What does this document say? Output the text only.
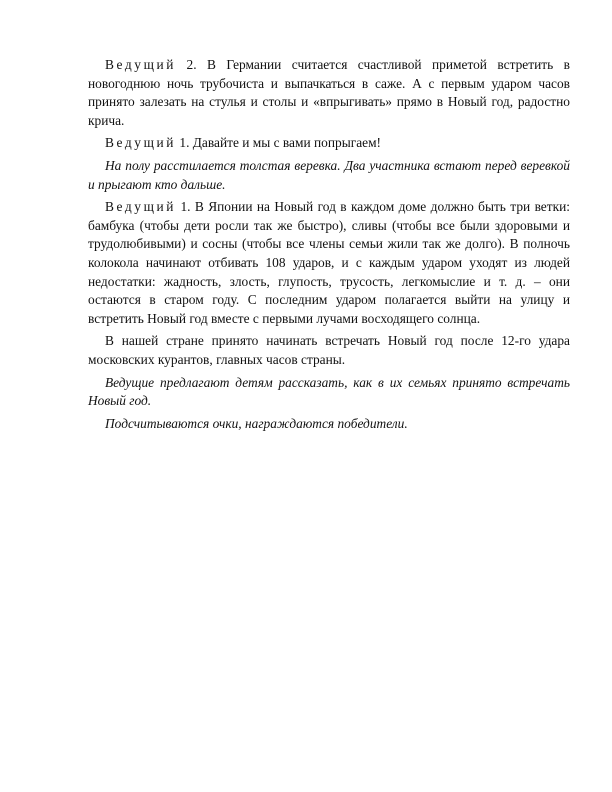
Ведущий 2. В Германии считается счастливой приметой встретить в новогоднюю ночь трубочиста и выпачкаться в саже. А с первым ударом часов принято залезать на стулья и столы и «впрыгивать» прямо в Новый год, радостно крича.

Ведущий 1. Давайте и мы с вами попрыгаем!

На полу расстилается толстая веревка. Два участника встают перед веревкой и прыгают кто дальше.

Ведущий 1. В Японии на Новый год в каждом доме должно быть три ветки: бамбука (чтобы дети росли так же быстро), сливы (чтобы все были здоровыми и трудолюбивыми) и сосны (чтобы все члены семьи жили так же долго). В полночь колокола начинают отбивать 108 ударов, и с каждым ударом уходят из людей недостатки: жадность, злость, глупость, трусость, легкомыслие и т. д. – они остаются в старом году. С последним ударом полагается выйти на улицу и встретить Новый год вместе с первыми лучами восходящего солнца.

В нашей стране принято начинать встречать Новый год после 12-го удара московских курантов, главных часов страны.

Ведущие предлагают детям рассказать, как в их семьях принято встречать Новый год.

Подсчитываются очки, награждаются победители.
